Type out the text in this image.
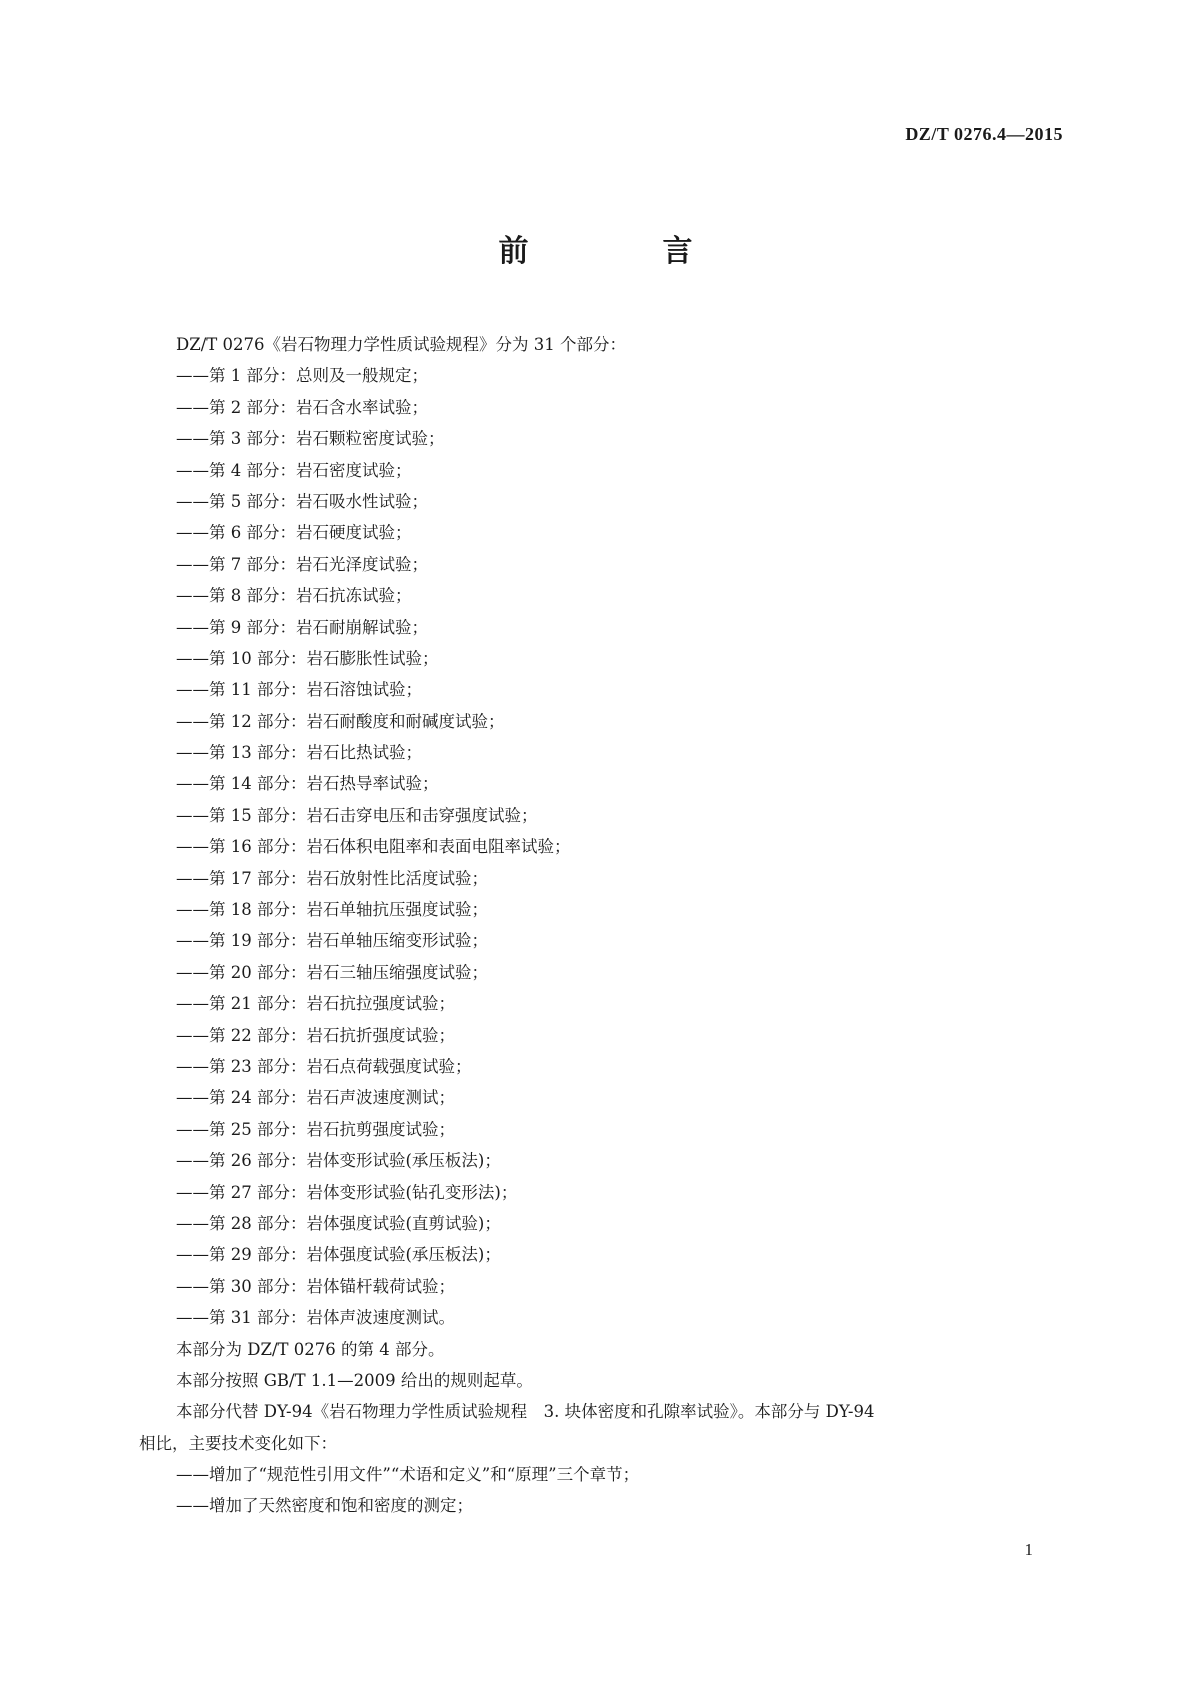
DZ/T 0276.4—2015
前　言
DZ/T 0276《岩石物理力学性质试验规程》分为 31 个部分：
——第 1 部分：总则及一般规定；
——第 2 部分：岩石含水率试验；
——第 3 部分：岩石颗粒密度试验；
——第 4 部分：岩石密度试验；
——第 5 部分：岩石吸水性试验；
——第 6 部分：岩石硬度试验；
——第 7 部分：岩石光泽度试验；
——第 8 部分：岩石抗冻试验；
——第 9 部分：岩石耐崩解试验；
——第 10 部分：岩石膨胀性试验；
——第 11 部分：岩石溶蚀试验；
——第 12 部分：岩石耐酸度和耐碱度试验；
——第 13 部分：岩石比热试验；
——第 14 部分：岩石热导率试验；
——第 15 部分：岩石击穿电压和击穿强度试验；
——第 16 部分：岩石体积电阻率和表面电阻率试验；
——第 17 部分：岩石放射性比活度试验；
——第 18 部分：岩石单轴抗压强度试验；
——第 19 部分：岩石单轴压缩变形试验；
——第 20 部分：岩石三轴压缩强度试验；
——第 21 部分：岩石抗拉强度试验；
——第 22 部分：岩石抗折强度试验；
——第 23 部分：岩石点荷载强度试验；
——第 24 部分：岩石声波速度测试；
——第 25 部分：岩石抗剪强度试验；
——第 26 部分：岩体变形试验(承压板法)；
——第 27 部分：岩体变形试验(钻孔变形法)；
——第 28 部分：岩体强度试验(直剪试验)；
——第 29 部分：岩体强度试验(承压板法)；
——第 30 部分：岩体锚杆载荷试验；
——第 31 部分：岩体声波速度测试。
本部分为 DZ/T 0276 的第 4 部分。
本部分按照 GB/T 1.1—2009 给出的规则起草。
本部分代替 DY-94《岩石物理力学性质试验规程　3. 块体密度和孔隙率试验》。本部分与 DY-94
相比，主要技术变化如下：
——增加了“规范性引用文件”“术语和定义”和“原理”三个章节；
——增加了天然密度和饱和密度的测定；
1
